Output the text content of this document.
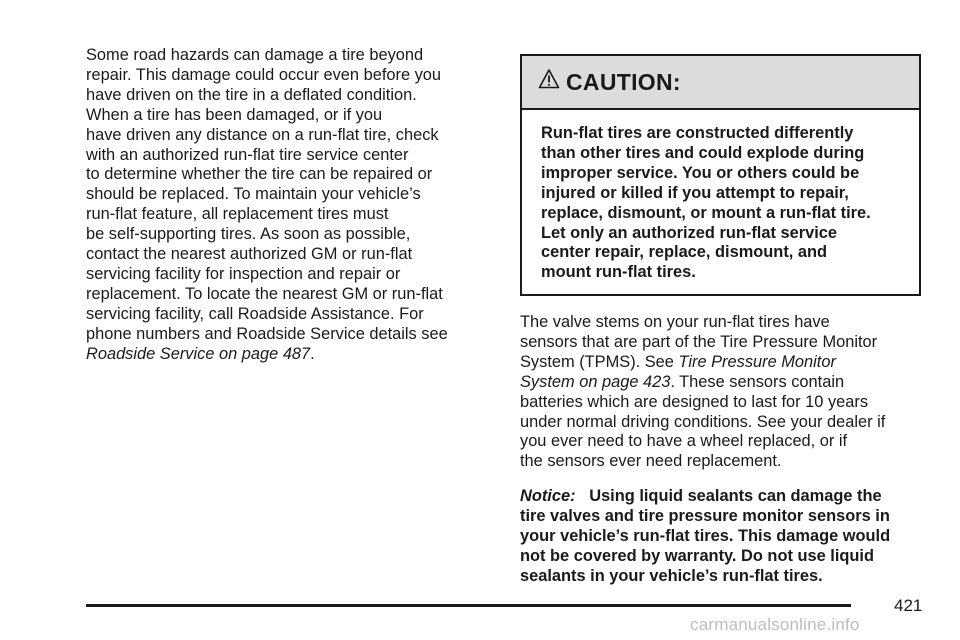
Some road hazards can damage a tire beyond
repair. This damage could occur even before you
have driven on the tire in a deflated condition.
When a tire has been damaged, or if you
have driven any distance on a run-flat tire, check
with an authorized run-flat tire service center
to determine whether the tire can be repaired or
should be replaced. To maintain your vehicle’s
run-flat feature, all replacement tires must
be self-supporting tires. As soon as possible,
contact the nearest authorized GM or run-flat
servicing facility for inspection and repair or
replacement. To locate the nearest GM or run-flat
servicing facility, call Roadside Assistance. For
phone numbers and Roadside Service details see
Roadside Service on page 487.
CAUTION:
Run-flat tires are constructed differently
than other tires and could explode during
improper service. You or others could be
injured or killed if you attempt to repair,
replace, dismount, or mount a run-flat tire.
Let only an authorized run-flat service
center repair, replace, dismount, and
mount run-flat tires.
The valve stems on your run-flat tires have
sensors that are part of the Tire Pressure Monitor
System (TPMS). See Tire Pressure Monitor
System on page 423. These sensors contain
batteries which are designed to last for 10 years
under normal driving conditions. See your dealer if
you ever need to have a wheel replaced, or if
the sensors ever need replacement.
Notice: Using liquid sealants can damage the
tire valves and tire pressure monitor sensors in
your vehicle’s run-flat tires. This damage would
not be covered by warranty. Do not use liquid
sealants in your vehicle’s run-flat tires.
421
carmanualsonline.info
